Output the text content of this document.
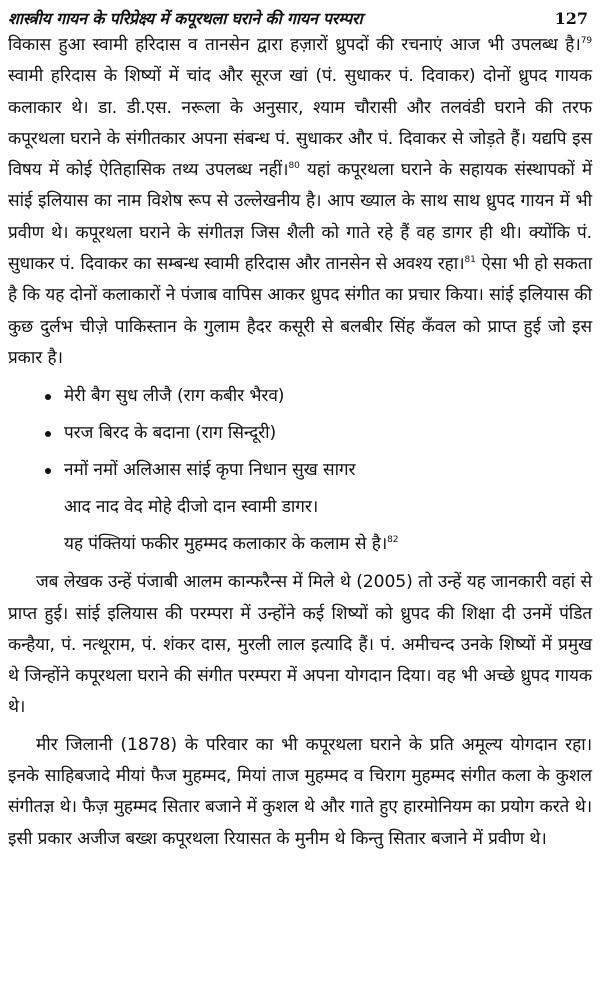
शास्त्रीय गायन के परिप्रेक्ष्य में कपूरथला घराने की गायन परम्परा	127

विकास हुआ स्वामी हरिदास व तानसेन द्वारा हज़ारों ध्रुपदों की रचनाएं आज भी उपलब्ध है।$^{79}$ स्वामी हरिदास के शिष्यों में चांद और सूरज खां (पं. सुधाकर पं. दिवाकर) दोनों ध्रुपद गायक कलाकार थे। डा. डी.एस. नरूला के अनुसार, श्याम चौरासी और तलवंडी घराने की तरफ कपूरथला घराने के संगीतकार अपना संबन्ध पं. सुधाकर और पं. दिवाकर से जोड़ते हैं। यद्यपि इस विषय में कोई ऐतिहासिक तथ्य उपलब्ध नहीं।$^{80}$ यहां कपूरथला घराने के सहायक संस्थापकों में सांई इलियास का नाम विशेष रूप से उल्लेखनीय है। आप ख्याल के साथ साथ ध्रुपद गायन में भी प्रवीण थे। कपूरथला घराने के संगीतज्ञ जिस शैली को गाते रहे हैं वह डागर ही थी। क्योंकि पं. सुधाकर पं. दिवाकर का सम्बन्ध स्वामी हरिदास और तानसेन से अवश्य रहा।$^{81}$ ऐसा भी हो सकता है कि यह दोनों कलाकारों ने पंजाब वापिस आकर ध्रुपद संगीत का प्रचार किया। सांई इलियास की कुछ दुर्लभ चीज़े पाकिस्तान के गुलाम हैदर कसूरी से बलबीर सिंह कँवल को प्राप्त हुई जो इस प्रकार है।

मेरी बैग सुध लीजै (राग कबीर भैरव)
परज बिरद के बदाना (राग सिन्दूरी)
नमों नमों अलिआस सांई कृपा निधान सुख सागर
आद नाद वेद मोहे दीजो दान स्वामी डागर।
यह पंक्तियां फकीर मुहम्मद कलाकार के कलाम से है।$^{82}$

जब लेखक उन्हें पंजाबी आलम कान्फरैन्स में मिले थे (2005) तो उन्हें यह जानकारी वहां से प्राप्त हुई। सांई इलियास की परम्परा में उन्होंने कई शिष्यों को ध्रुपद की शिक्षा दी उनमें पंडित कन्हैया, पं. नत्थूराम, पं. शंकर दास, मुरली लाल इत्यादि हैं। पं. अमीचन्द उनके शिष्यों में प्रमुख थे जिन्होंने कपूरथला घराने की संगीत परम्परा में अपना योगदान दिया। वह भी अच्छे ध्रुपद गायक थे।

मीर जिलानी (1878) के परिवार का भी कपूरथला घराने के प्रति अमूल्य योगदान रहा। इनके साहिबजादे मीयां फैज मुहम्मद, मियां ताज मुहम्मद व चिराग मुहम्मद संगीत कला के कुशल संगीतज्ञ थे। फैज़ मुहम्मद सितार बजाने में कुशल थे और गाते हुए हारमोनियम का प्रयोग करते थे। इसी प्रकार अजीज बख्श कपूरथला रियासत के मुनीम थे किन्तु सितार बजाने में प्रवीण थे।
